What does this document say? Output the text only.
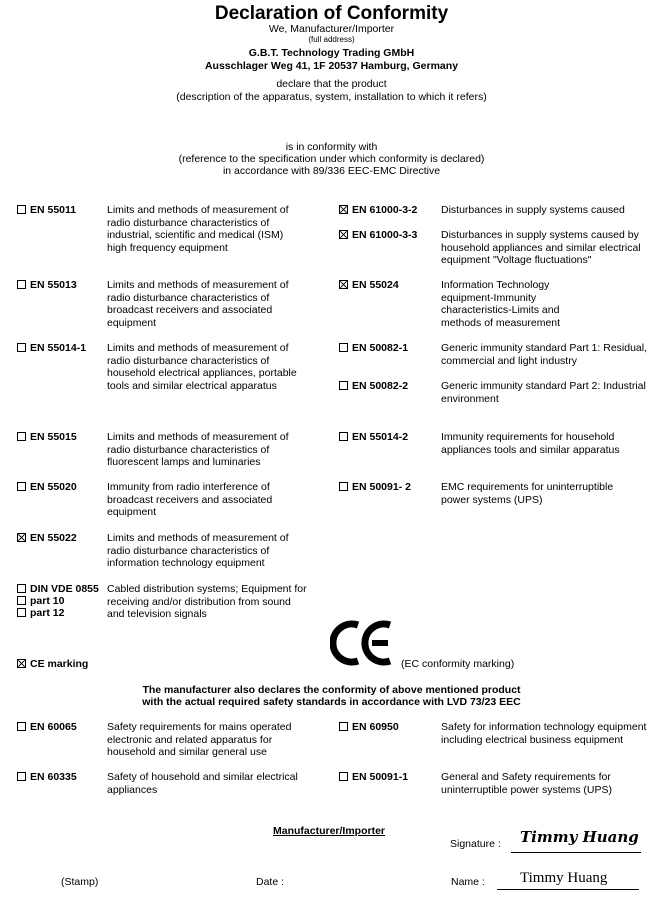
Declaration of Conformity
We, Manufacturer/Importer
(full address)
G.B.T. Technology Trading GMbH
Ausschlager Weg 41, 1F 20537 Hamburg, Germany
declare that the product
(description of the apparatus, system, installation to which it refers)
is in conformity with
(reference to the specification under which conformity is declared)
in accordance with 89/336 EEC-EMC Directive
EN 55011	Limits and methods of measurement of radio disturbance characteristics of industrial, scientific and medical (ISM) high frequency equipment
EN 55013	Limits and methods of measurement of radio disturbance characteristics of broadcast receivers and associated equipment
EN 55014-1 Limits and methods of measurement of radio disturbance characteristics of household electrical appliances, portable tools and similar electrical apparatus
EN 55015	Limits and methods of measurement of radio disturbance characteristics of fluorescent lamps and luminaries
EN 55020	Immunity from radio interference of broadcast receivers and associated equipment
EN 55022	Limits and methods of measurement of radio disturbance characteristics of information technology equipment
DIN VDE 0855
part 10
part 12
Cabled distribution systems; Equipment for receiving and/or distribution from sound and television signals
EN 61000-3-2 Disturbances in supply systems caused
EN 61000-3-3 Disturbances in supply systems caused by household appliances and similar electrical equipment "Voltage fluctuations"
EN 55024	Information Technology equipment-Immunity characteristics-Limits and methods of measurement
EN 50082-1	Generic immunity standard Part 1: Residual, commercial and light industry
EN 50082-2	Generic immunity standard Part 2: Industrial environment
EN 55014-2	Immunity requirements for household appliances tools and similar apparatus
EN 50091- 2	EMC requirements for uninterruptible power systems (UPS)
CE marking	(EC conformity marking)
The manufacturer also declares the conformity of above mentioned product
with the actual required safety standards in accordance with LVD 73/23 EEC
EN 60065	Safety requirements for mains operated electronic and related apparatus for household and similar general use
EN 60335	Safety of household and similar electrical appliances
EN 60950	Safety for information technology equipment including electrical business equipment
EN 50091-1	General and Safety requirements for uninterruptible power systems (UPS)
Manufacturer/Importer
Signature : Timmy Huang
(Stamp)	Date :	Name : Timmy Huang
